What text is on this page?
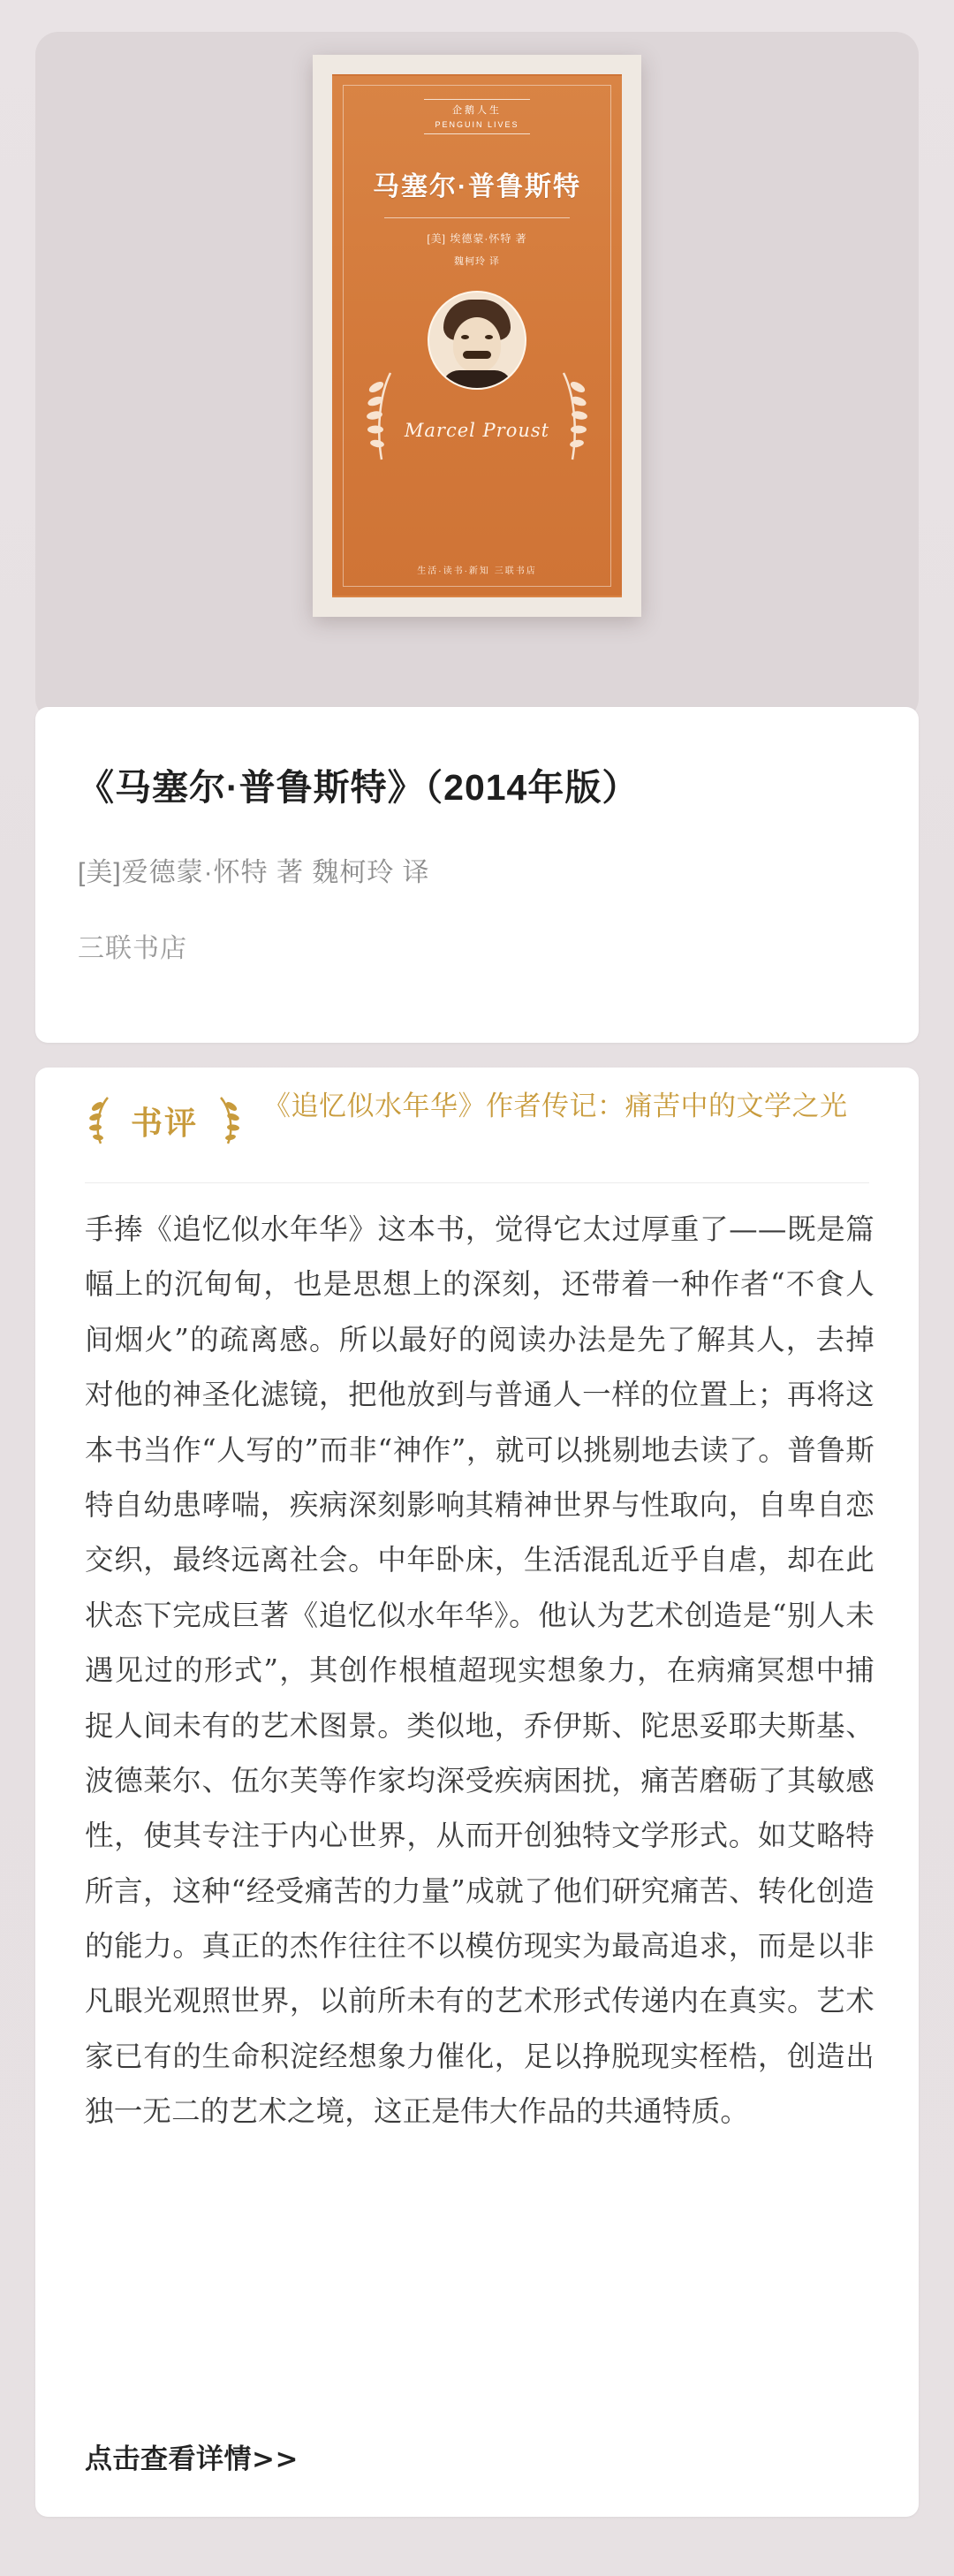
企鹅人生
PENGUIN LIVES
马塞尔·普鲁斯特
[美] 埃德蒙·怀特 著
魏柯玲 译
Marcel Proust
生活·读书·新知 三联书店
《马塞尔·普鲁斯特》（2014年版）
[美]爱德蒙·怀特 著 魏柯玲 译
三联书店
书评 《追忆似水年华》作者传记：痛苦中的文学之光

手捧《追忆似水年华》这本书，觉得它太过厚重了——既是篇幅上的沉甸甸，也是思想上的深刻，还带着一种作者“不食人间烟火”的疏离感。所以最好的阅读办法是先了解其人，去掉对他的神圣化滤镜，把他放到与普通人一样的位置上；再将这本书当作“人写的”而非“神作”，就可以挑剔地去读了。普鲁斯特自幼患哮喘，疾病深刻影响其精神世界与性取向，自卑自恋交织，最终远离社会。中年卧床，生活混乱近乎自虐，却在此状态下完成巨著《追忆似水年华》。他认为艺术创造是“别人未遇见过的形式”，其创作根植超现实想象力，在病痛冥想中捕捉人间未有的艺术图景。类似地，乔伊斯、陀思妥耶夫斯基、波德莱尔、伍尔芙等作家均深受疾病困扰，痛苦磨砺了其敏感性，使其专注于内心世界，从而开创独特文学形式。如艾略特所言，这种“经受痛苦的力量”成就了他们研究痛苦、转化创造的能力。真正的杰作往往不以模仿现实为最高追求，而是以非凡眼光观照世界，以前所未有的艺术形式传递内在真实。艺术家已有的生命积淀经想象力催化，足以挣脱现实桎梏，创造出独一无二的艺术之境，这正是伟大作品的共通特质。

点击查看详情>>
